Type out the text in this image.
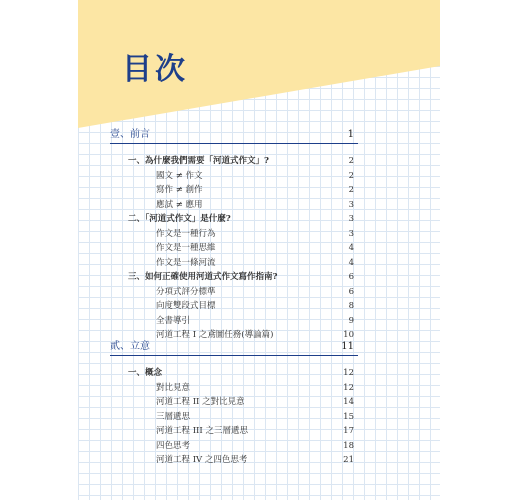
目次
壹、前言	1
一、為什麼我們需要「河道式作文」?	2
國文 ≠ 作文	2
寫作 ≠ 創作	2
應試 ≠ 應用	3
二、「河道式作文」是什麼?	3
作文是一種行為	3
作文是一種思維	4
作文是一條河流	4
三、如何正確使用河道式作文寫作指南?	6
分項式評分標準	6
向度雙段式目標	8
全書導引	9
河道工程 I 之鳶圖任務(導論篇)	10
貳、立意	11
一、概念	12
對比見意	12
河道工程 II 之對比見意	14
三層遞思	15
河道工程 III 之三層遞思	17
四色思考	18
河道工程 IV 之四色思考	21
